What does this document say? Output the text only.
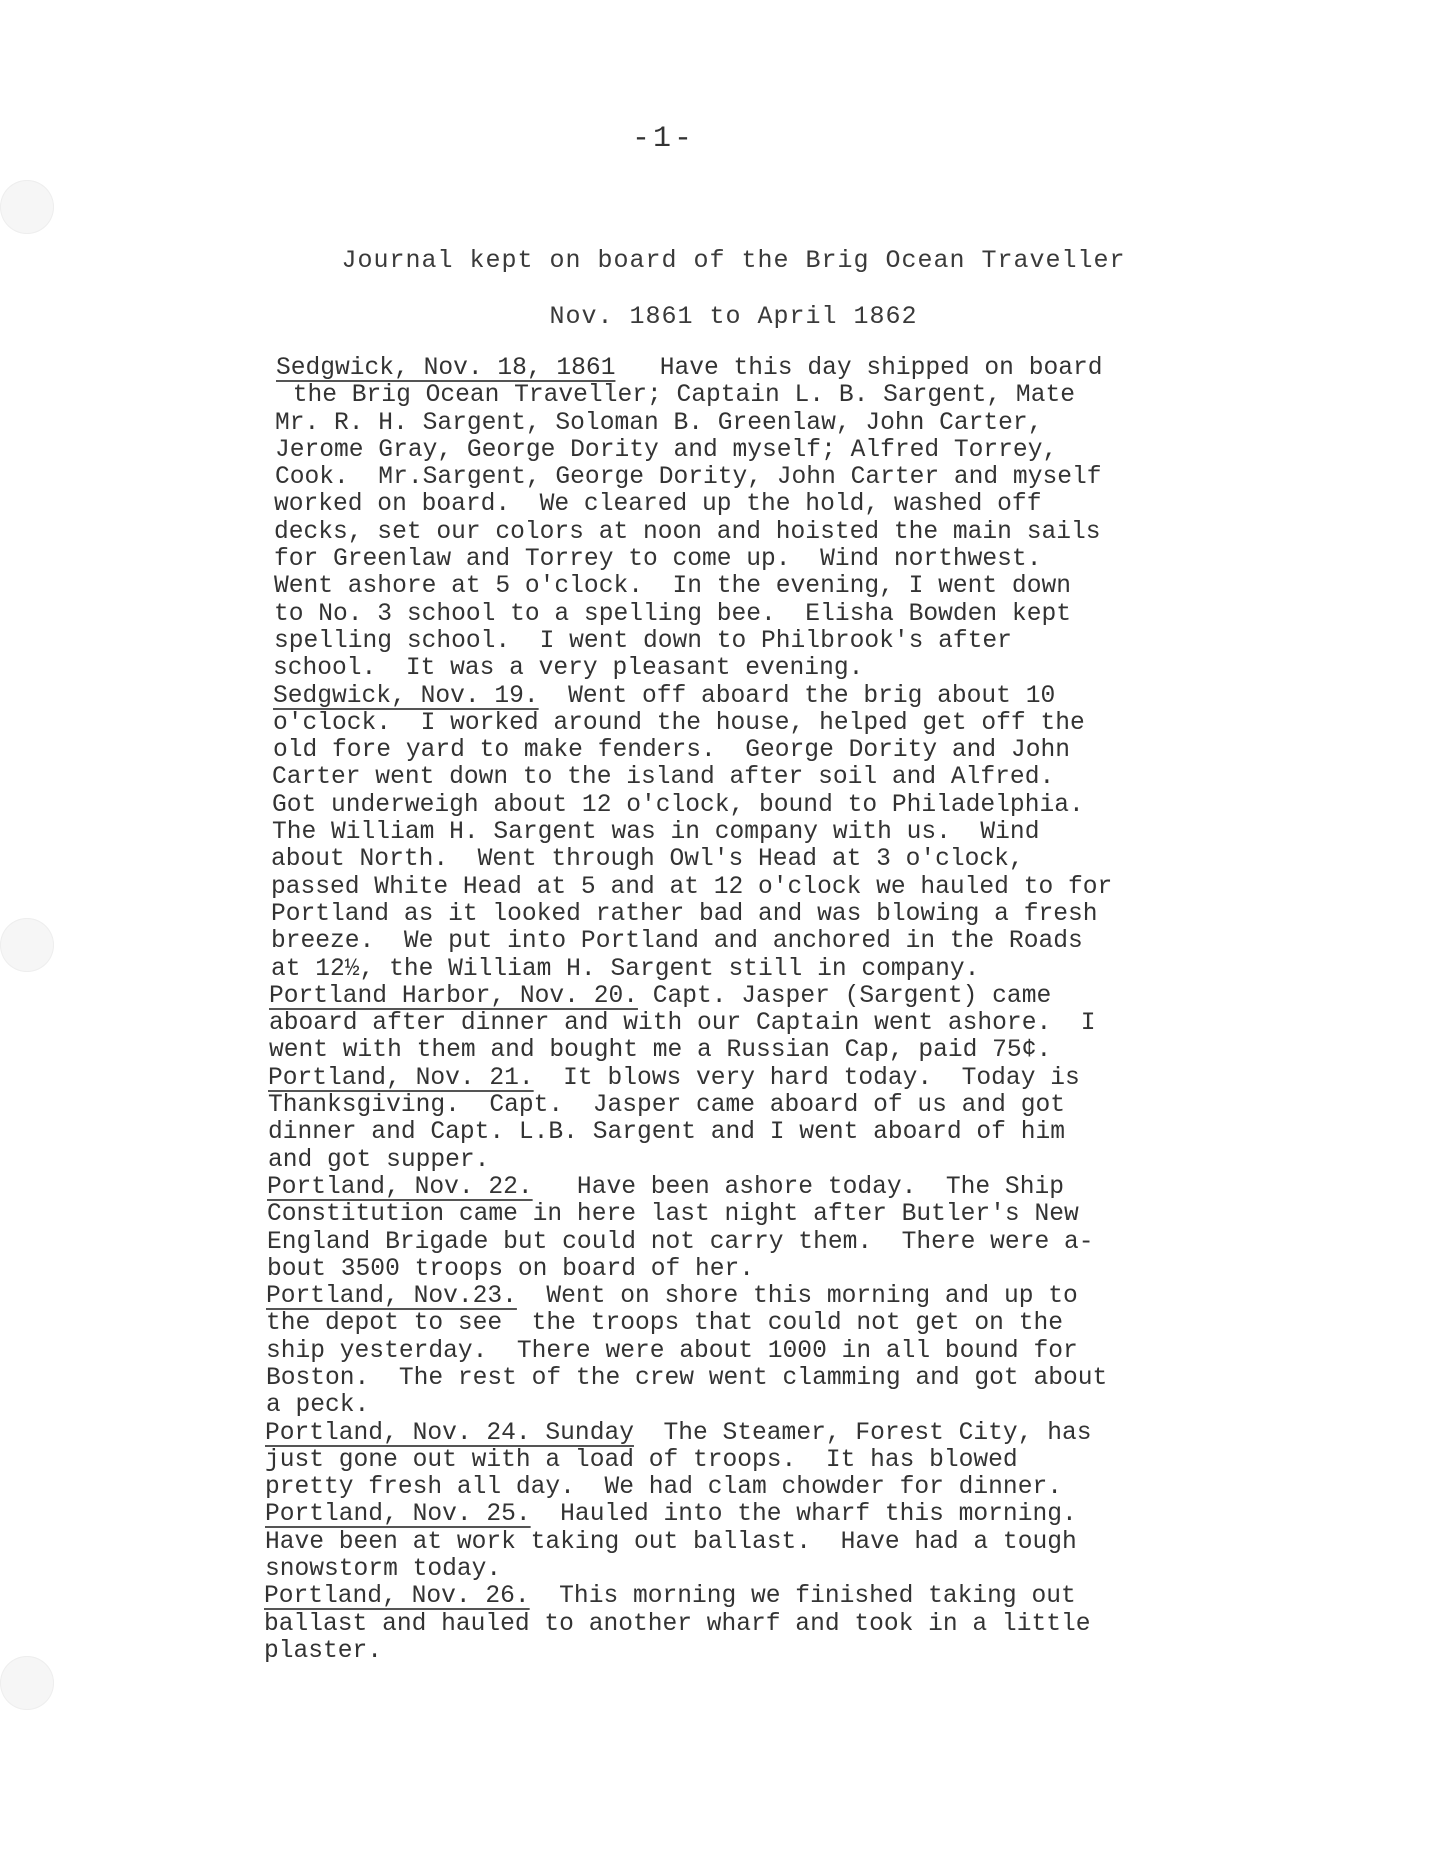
-1-
Journal kept on board of the Brig Ocean Traveller
Nov. 1861 to April 1862
Sedgwick, Nov. 18, 1861   Have this day shipped on board
the Brig Ocean Traveller; Captain L. B. Sargent, Mate
Mr. R. H. Sargent, Soloman B. Greenlaw, John Carter,
Jerome Gray, George Dority and myself; Alfred Torrey,
Cook.  Mr.Sargent, George Dority, John Carter and myself
worked on board.  We cleared up the hold, washed off
decks, set our colors at noon and hoisted the main sails
for Greenlaw and Torrey to come up.  Wind northwest.
Went ashore at 5 o'clock.  In the evening, I went down
to No. 3 school to a spelling bee.  Elisha Bowden kept
spelling school.  I went down to Philbrook's after
school.  It was a very pleasant evening.
Sedgwick, Nov. 19.  Went off aboard the brig about 10
o'clock.  I worked around the house, helped get off the
old fore yard to make fenders.  George Dority and John
Carter went down to the island after soil and Alfred.
Got underweigh about 12 o'clock, bound to Philadelphia.
The William H. Sargent was in company with us.  Wind
about North.  Went through Owl's Head at 3 o'clock,
passed White Head at 5 and at 12 o'clock we hauled to for
Portland as it looked rather bad and was blowing a fresh
breeze.  We put into Portland and anchored in the Roads
at 12½, the William H. Sargent still in company.
Portland Harbor, Nov. 20. Capt. Jasper (Sargent) came
aboard after dinner and with our Captain went ashore.  I
went with them and bought me a Russian Cap, paid 75¢.
Portland, Nov. 21.  It blows very hard today.  Today is
Thanksgiving.  Capt.  Jasper came aboard of us and got
dinner and Capt. L.B. Sargent and I went aboard of him
and got supper.
Portland, Nov. 22.   Have been ashore today.  The Ship
Constitution came in here last night after Butler's New
England Brigade but could not carry them.  There were a-
bout 3500 troops on board of her.
Portland, Nov.23.  Went on shore this morning and up to
the depot to see  the troops that could not get on the
ship yesterday.  There were about 1000 in all bound for
Boston.  The rest of the crew went clamming and got about
a peck.
Portland, Nov. 24. Sunday  The Steamer, Forest City, has
just gone out with a load of troops.  It has blowed
pretty fresh all day.  We had clam chowder for dinner.
Portland, Nov. 25.  Hauled into the wharf this morning.
Have been at work taking out ballast.  Have had a tough
snowstorm today.
Portland, Nov. 26.  This morning we finished taking out
ballast and hauled to another wharf and took in a little
plaster.
